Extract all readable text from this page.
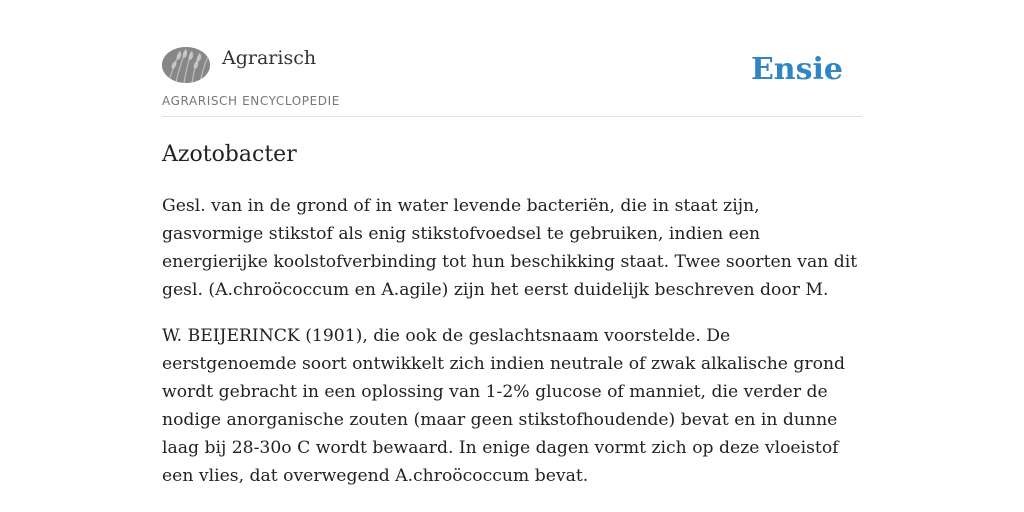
Agrarisch
AGRARISCH ENCYCLOPEDIE
Ensie
Azotobacter

Gesl. van in de grond of in water levende bacteriën, die in staat zijn, gasvormige stikstof als enig stikstofvoedsel te gebruiken, indien een energierijke koolstofverbinding tot hun beschikking staat. Twee soorten van dit gesl. (A.chroöcoccum en A.agile) zijn het eerst duidelijk beschreven door M.

W. BEIJERINCK (1901), die ook de geslachtsnaam voorstelde. De eerstgenoemde soort ontwikkelt zich indien neutrale of zwak alkalische grond wordt gebracht in een oplossing van 1-2% glucose of manniet, die verder de nodige anorganische zouten (maar geen stikstofhoudende) bevat en in dunne laag bij 28-30o C wordt bewaard. In enige dagen vormt zich op deze vloeistof een vlies, dat overwegend A.chroöcoccum bevat.
